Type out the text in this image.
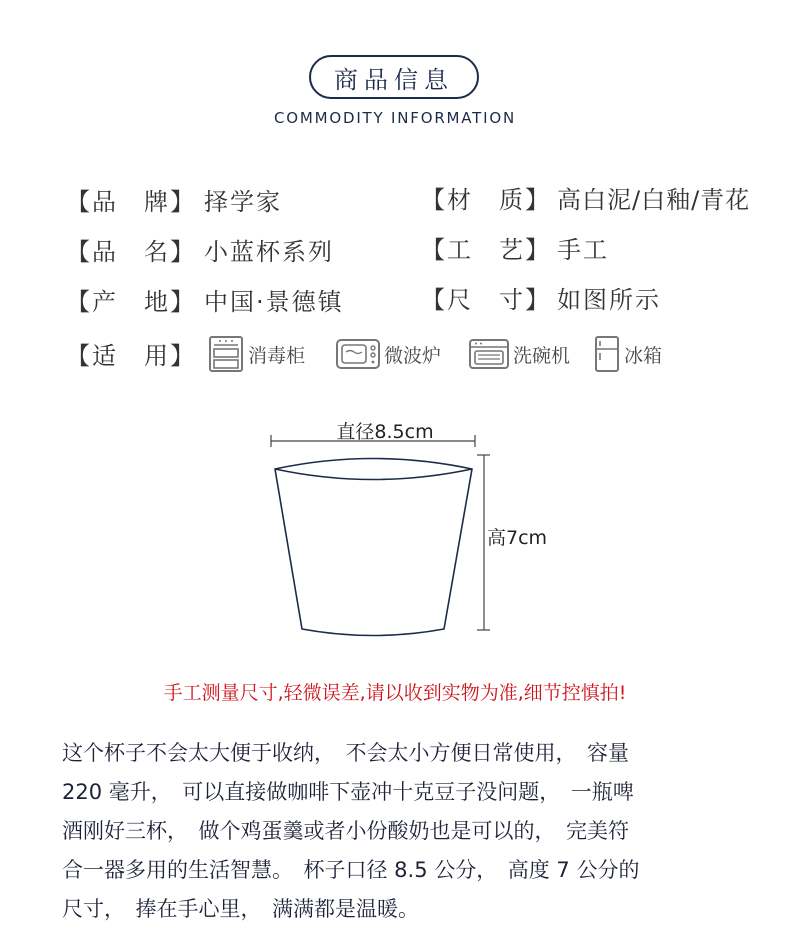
商品信息
COMMODITY INFORMATION
【品　牌】 择学家	【材　质】 高白泥/白釉/青花
【品　名】 小蓝杯系列	【工　艺】 手工
【产　地】 中国·景德镇	【尺　寸】 如图所示
【适　用】	消毒柜	微波炉	洗碗机	冰箱
直径8.5cm
高7cm
手工测量尺寸,轻微误差,请以收到实物为准,细节控慎拍!

这个杯子不会太大便于收纳，　不会太小方便日常使用，　容量

220 毫升，　可以直接做咖啡下壶冲十克豆子没问题，　一瓶啤

酒刚好三杯，　做个鸡蛋羹或者小份酸奶也是可以的，　完美符

合一器多用的生活智慧。　杯子口径 8.5 公分，　高度 7 公分的

尺寸，　捧在手心里，　满满都是温暖。
